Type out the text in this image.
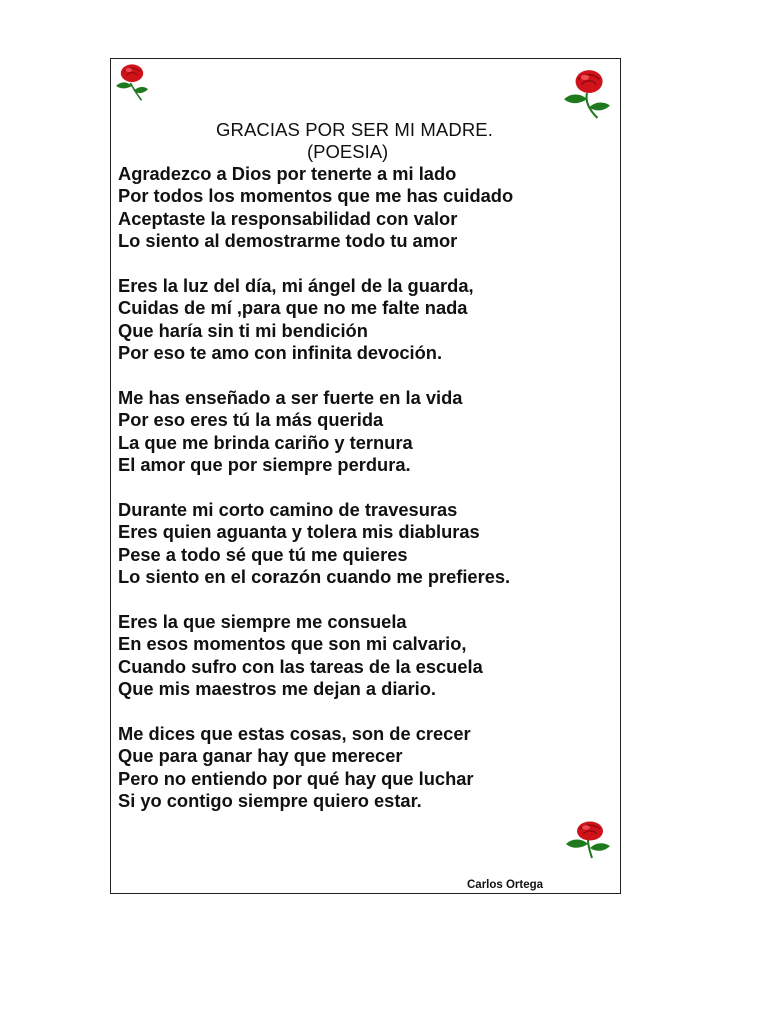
GRACIAS POR SER MI MADRE.
(POESIA)
Agradezco a Dios por tenerte a mi lado
Por todos los momentos que me has cuidado
Aceptaste la responsabilidad con valor
Lo siento al demostrarme todo tu amor
Eres la luz del día, mi ángel de la guarda,
Cuidas de mí ,para que no me falte nada
Que haría sin ti mi bendición
Por eso te amo con infinita devoción.
Me has enseñado a ser fuerte en la vida
Por eso eres tú la más querida
La que me brinda cariño y ternura
El amor que por siempre perdura.
Durante mi corto camino de travesuras
Eres quien aguanta y tolera mis diabluras
Pese a todo sé que tú me quieres
Lo siento en el corazón cuando me prefieres.
Eres la que siempre me consuela
En esos momentos que son mi calvario,
Cuando sufro con las tareas de la escuela
Que mis maestros me dejan a diario.
Me dices que estas cosas, son de crecer
Que para ganar hay que merecer
Pero no entiendo por qué hay que luchar
Si yo contigo siempre quiero estar.
Carlos Ortega
